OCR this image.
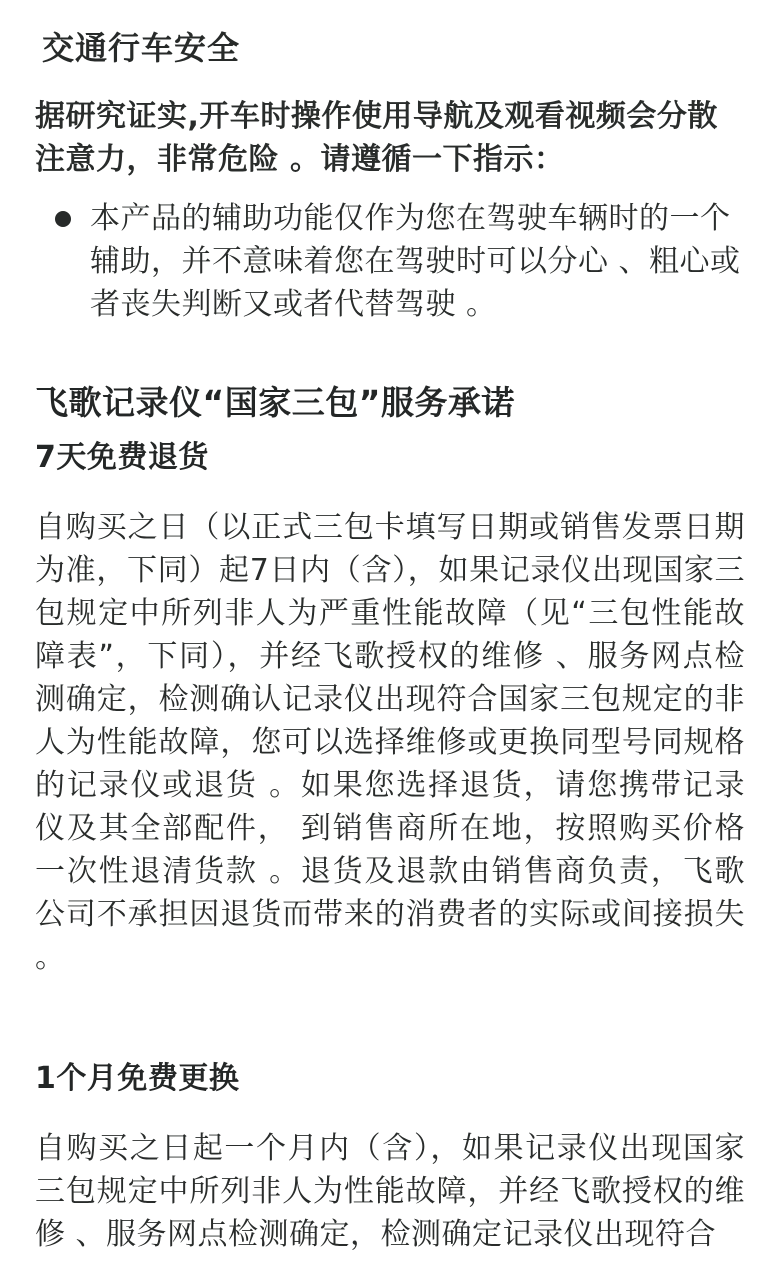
交通行车安全

据研究证实,开车时操作使用导航及观看视频会分散注意力，非常危险 。请遵循一下指示：

本产品的辅助功能仅作为您在驾驶车辆时的一个辅助，并不意味着您在驾驶时可以分心 、粗心或者丧失判断又或者代替驾驶 。
飞歌记录仪“国家三包”服务承诺
7天免费退货

自购买之日（以正式三包卡填写日期或销售发票日期为准，下同）起7日内（含），如果记录仪出现国家三包规定中所列非人为严重性能故障（见“三包性能故障表”，下同），并经飞歌授权的维修 、服务网点检测确定，检测确认记录仪出现符合国家三包规定的非人为性能故障，您可以选择维修或更换同型号同规格的记录仪或退货 。如果您选择退货，请您携带记录仪及其全部配件， 到销售商所在地，按照购买价格一次性退清货款 。退货及退款由销售商负责，飞歌公司不承担因退货而带来的消费者的实际或间接损失 。

1个月免费更换

自购买之日起一个月内（含），如果记录仪出现国家三包规定中所列非人为性能故障，并经飞歌授权的维修 、服务网点检测确定，检测确定记录仪出现符合
